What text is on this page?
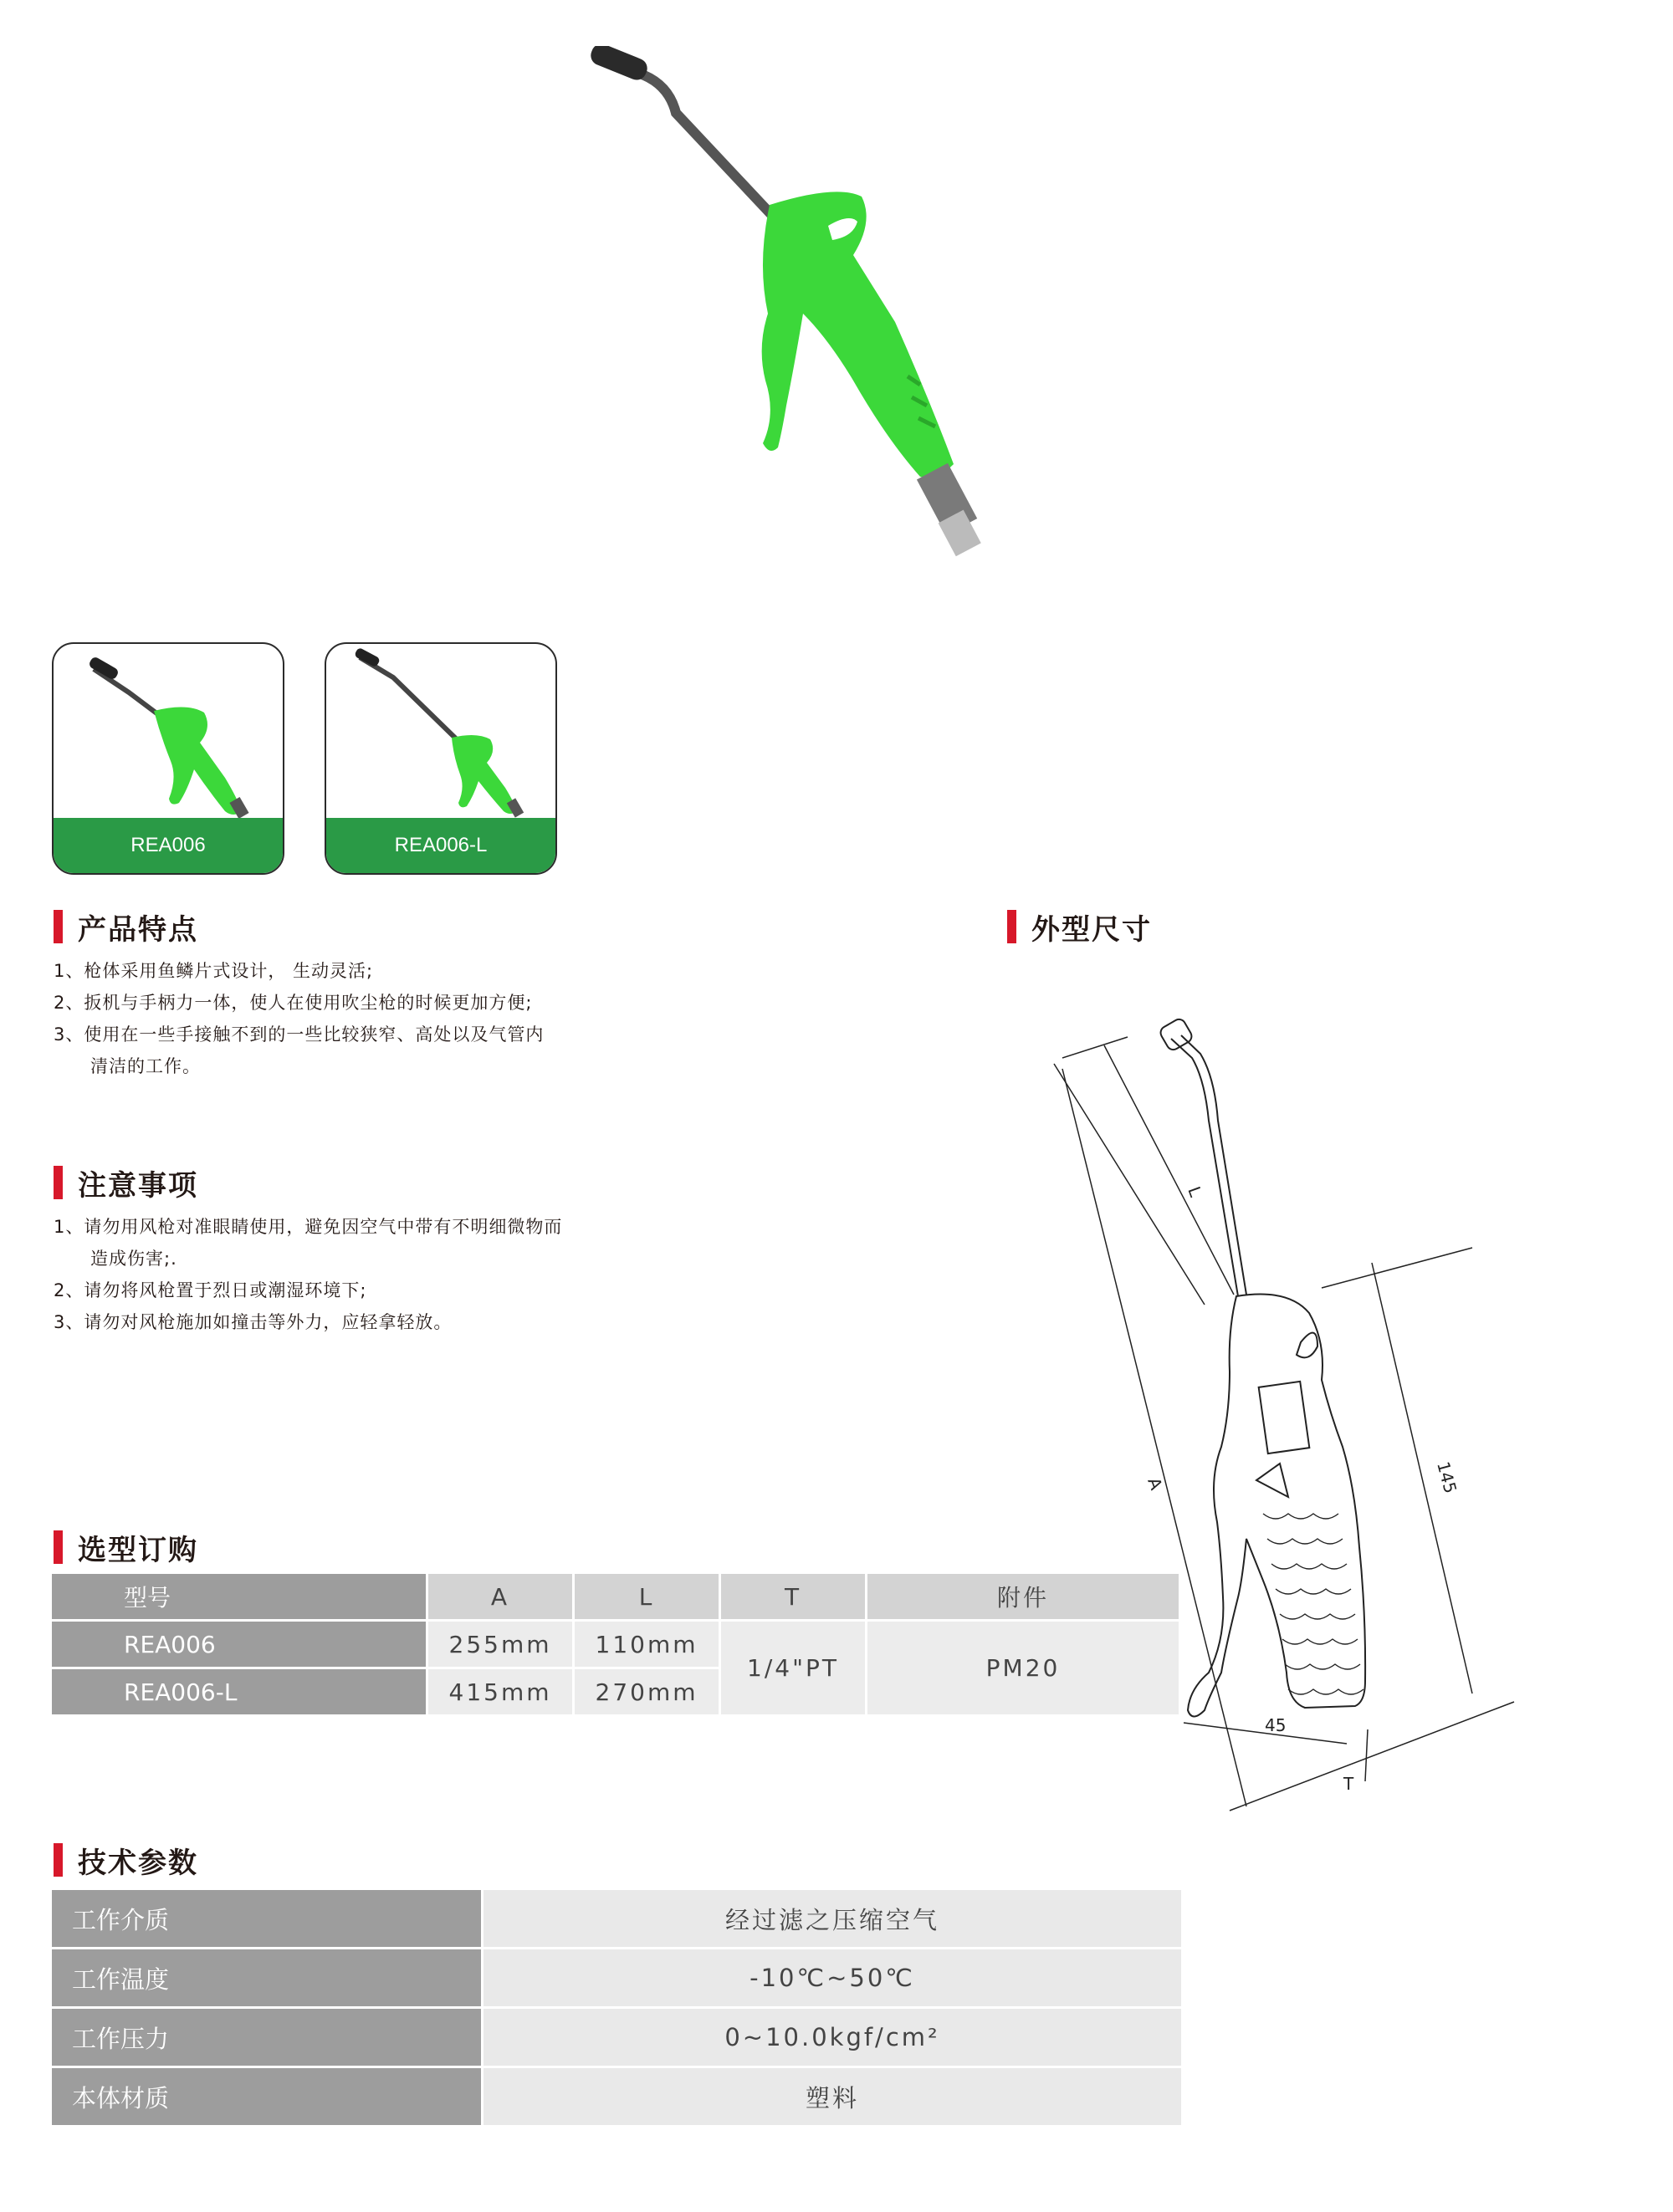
REA006	REA006-L
产品特点
1、枪体采用鱼鳞片式设计， 生动灵活;
2、扳机与手柄力一体，使人在使用吹尘枪的时候更加方便;
3、使用在一些手接触不到的一些比较狭窄、高处以及气管内
清洁的工作。
注意事项
1、请勿用风枪对准眼睛使用，避免因空气中带有不明细微物而
造成伤害;.
2、请勿将风枪置于烈日或潮湿环境下;
3、请勿对风枪施加如撞击等外力，应轻拿轻放。
外型尺寸
L
A	145
45
T
选型订购
型号	A	L	T	附件
REA006	255mm	110mm	1/4"PT	PM20
REA006-L	415mm	270mm		
技术参数
工作介质	经过滤之压缩空气
工作温度	-10℃~50℃
工作压力	0~10.0kgf/cm²
本体材质	塑料
